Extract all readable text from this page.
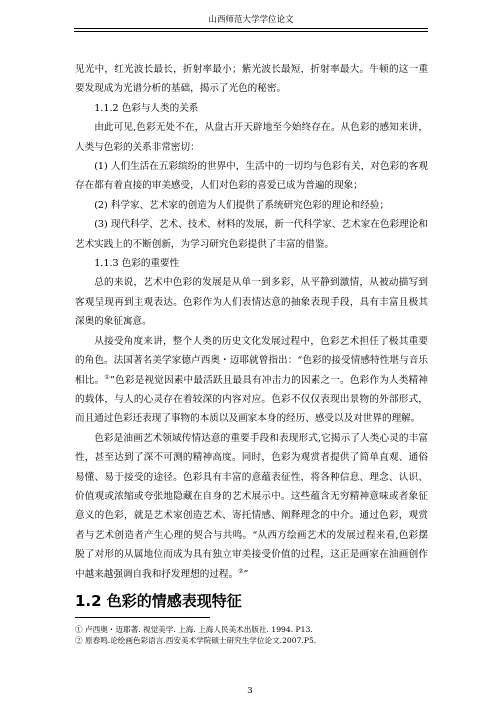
山西师范大学学位论文

见光中，红光波长最长，折射率最小；紫光波长最短，折射率最大。牛顿的这一重要发现成为光谱分析的基础，揭示了光色的秘密。

1.1.2 色彩与人类的关系

由此可见,色彩无处不在，从盘古开天辟地至今始终存在。从色彩的感知来讲，人类与色彩的关系非常密切：

(1) 人们生活在五彩缤纷的世界中，生活中的一切均与色彩有关，对色彩的客观存在都有着直接的审美感受，人们对色彩的喜爱已成为普遍的现象；

(2) 科学家、艺术家的创造为人们提供了系统研究色彩的理论和经验；

(3) 现代科学、艺术、技术、材料的发展，新一代科学家、艺术家在色彩理论和艺术实践上的不断创新，为学习研究色彩提供了丰富的借鉴。

1.1.3 色彩的重要性

总的来说，艺术中色彩的发展是从单一到多彩，从平静到激情，从被动描写到客观呈现再到主观表达。色彩作为人们表情达意的抽象表现手段，具有丰富且极其深奥的象征寓意。

从接受角度来讲，整个人类的历史文化发展过程中，色彩艺术担任了极其重要的角色。法国著名美学家德卢西奥・迈耶就曾指出：“色彩的接受情感特性堪与音乐相比。①”色彩是视觉因素中最活跃且最具有冲击力的因素之一。色彩作为人类精神的载体，与人的心灵存在着较深的内容对应。色彩不仅仅表现出景物的外部形式，而且通过色彩还表现了事物的本质以及画家本身的经历、感受以及对世界的理解。

色彩是油画艺术领域传情达意的重要手段和表现形式,它揭示了人类心灵的丰富性，甚至达到了深不可测的精神高度。同时，色彩为观赏者提供了简单直观、通俗易懂、易于接受的途径。色彩具有丰富的意蕴表征性，将各种信息、理念、认识、价值观或浓缩或夸张地隐藏在自身的艺术展示中。这些蕴含无穷精神意味或者象征意义的色彩，就是艺术家创造艺术、寄托情感、阐释理念的中介。通过色彩，观赏者与艺术创造者产生心理的契合与共鸣。“从西方绘画艺术的发展过程来看,色彩摆脱了对形的从属地位而成为具有独立审美接受价值的过程，这正是画家在油画创作中越来越强调自我和抒发理想的过程。②”

1.2 色彩的情感表现特征

① 卢西奥・迈耶著. 视觉美学. 上海. 上海人民美术出版社. 1994. P13.

② 原春鸣.论绘画色彩语言.西安美术学院硕士研究生学位论文.2007.P5.

3
